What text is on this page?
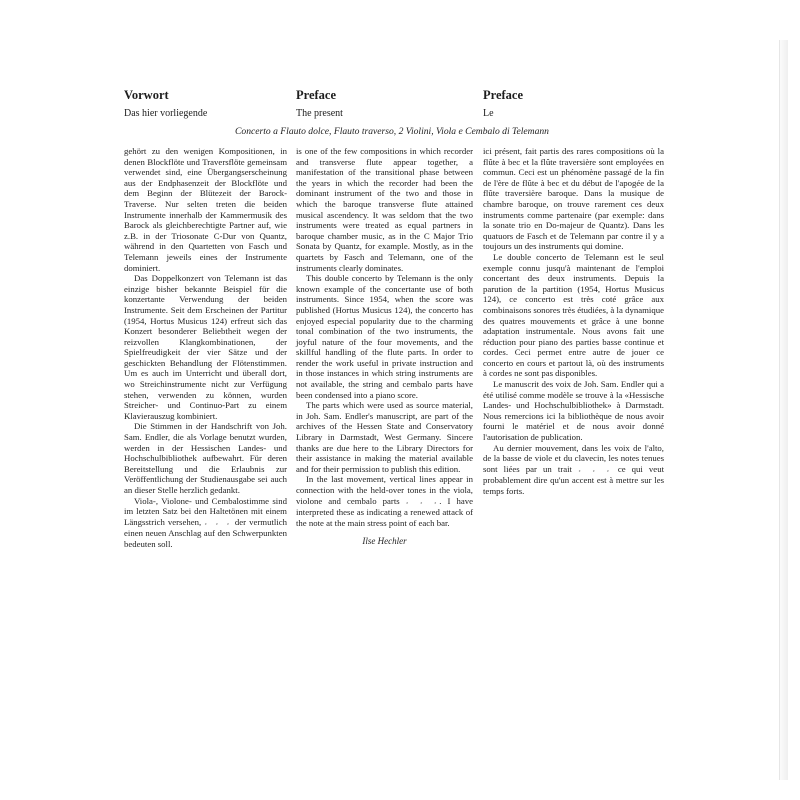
Vorwort
Das hier vorliegende
Preface
The present
Preface
Le
Concerto a Flauto dolce, Flauto traverso, 2 Violini, Viola e Cembalo di Telemann

gehört zu den wenigen Kompositionen, in denen Blockflöte und Traversflöte gemeinsam verwendet sind, eine Übergangserscheinung aus der Endphasenzeit der Blockflöte und dem Beginn der Blütezeit der Barock-Traverse. Nur selten treten die beiden Instrumente innerhalb der Kammermusik des Barock als gleichberechtigte Partner auf, wie z.B. in der Triosonate C-Dur von Quantz, während in den Quartetten von Fasch und Telemann jeweils eines der Instrumente dominiert.

Das Doppelkonzert von Telemann ist das einzige bisher bekannte Beispiel für die konzertante Verwendung der beiden Instrumente. Seit dem Erscheinen der Partitur (1954, Hortus Musicus 124) erfreut sich das Konzert besonderer Beliebtheit wegen der reizvollen Klangkombinationen, der Spielfreudigkeit der vier Sätze und der geschickten Behandlung der Flötenstimmen. Um es auch im Unterricht und überall dort, wo Streichinstrumente nicht zur Verfügung stehen, verwenden zu können, wurden Streicher- und Continuo-Part zu einem Klavierauszug kombiniert.

Die Stimmen in der Handschrift von Joh. Sam. Endler, die als Vorlage benutzt wurden, werden in der Hessischen Landes- und Hochschulbibliothek aufbewahrt. Für deren Bereitstellung und die Erlaubnis zur Veröffentlichung der Studienausgabe sei auch an dieser Stelle herzlich gedankt.

Viola-, Violone- und Cembalostimme sind im letzten Satz bei den Haltetönen mit einem Längsstrich versehen, 𝆹 𝆹 𝆹 der vermutlich einen neuen Anschlag auf den Schwerpunkten bedeuten soll.

is one of the few compositions in which recorder and transverse flute appear together, a manifestation of the transitional phase between the years in which the recorder had been the dominant instrument of the two and those in which the baroque transverse flute attained musical ascendency. It was seldom that the two instruments were treated as equal partners in baroque chamber music, as in the C Major Trio Sonata by Quantz, for example. Mostly, as in the quartets by Fasch and Telemann, one of the instruments clearly dominates.

This double concerto by Telemann is the only known example of the concertante use of both instruments. Since 1954, when the score was published (Hortus Musicus 124), the concerto has enjoyed especial popularity due to the charming tonal combination of the two instruments, the joyful nature of the four movements, and the skillful handling of the flute parts. In order to render the work useful in private instruction and in those instances in which string instruments are not available, the string and cembalo parts have been condensed into a piano score.

The parts which were used as source material, in Joh. Sam. Endler's manuscript, are part of the archives of the Hessen State and Conservatory Library in Darmstadt, West Germany. Sincere thanks are due here to the Library Directors for their assistance in making the material available and for their permission to publish this edition.

In the last movement, vertical lines appear in connection with the held-over tones in the viola, violone and cembalo parts 𝆹 𝆹 𝆹. I have interpreted these as indicating a renewed attack of the note at the main stress point of each bar.

Ilse Hechler

ici présent, fait partis des rares compositions où la flûte à bec et la flûte traversière sont employées en commun. Ceci est un phénomène passagé de la fin de l'ère de flûte à bec et du début de l'apogée de la flûte traversière baroque. Dans la musique de chambre baroque, on trouve rarement ces deux instruments comme partenaire (par exemple: dans la sonate trio en Do-majeur de Quantz). Dans les quatuors de Fasch et de Telemann par contre il y a toujours un des instruments qui domine.

Le double concerto de Telemann est le seul exemple connu jusqu'à maintenant de l'emploi concertant des deux instruments. Depuis la parution de la partition (1954, Hortus Musicus 124), ce concerto est très coté grâce aux combinaisons sonores très étudiées, à la dynamique des quatres mouvements et grâce à une bonne adaptation instrumentale. Nous avons fait une réduction pour piano des parties basse continue et cordes. Ceci permet entre autre de jouer ce concerto en cours et partout là, où des instruments à cordes ne sont pas disponibles.

Le manuscrit des voix de Joh. Sam. Endler qui a été utilisé comme modèle se trouve à la «Hessische Landes- und Hochschulbibliothek» à Darmstadt. Nous remercions ici la bibliothèque de nous avoir fourni le matériel et de nous avoir donné l'autorisation de publication.

Au dernier mouvement, dans les voix de l'alto, de la basse de viole et du clavecin, les notes tenues sont liées par un trait 𝆹 𝆹 𝆹 ce qui veut probablement dire qu'un accent est à mettre sur les temps forts.
